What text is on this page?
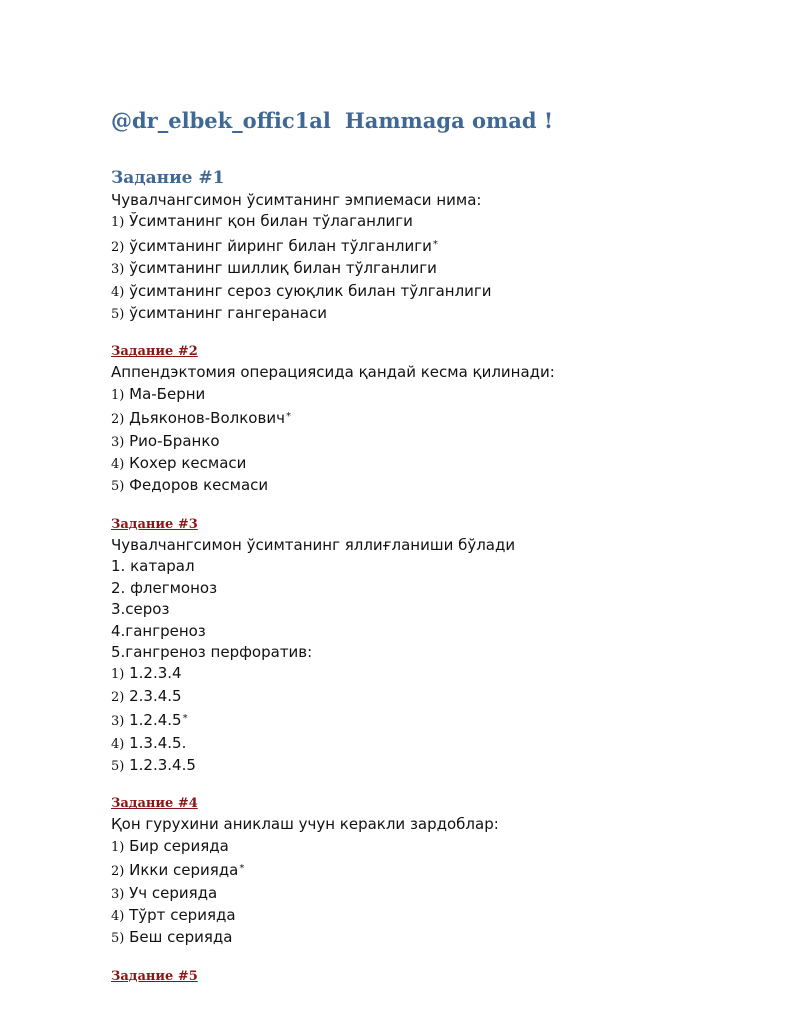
@dr_elbek_offic1al Hammaga omad !
Задание #1
Чувалчангсимон ўсимтанинг эмпиемаси нима:
1) Ўсимтанинг қон билан тўлаганлиги
2) ўсимтанинг йиринг билан тўлганлиги*
3) ўсимтанинг шиллиқ билан тўлганлиги
4) ўсимтанинг сероз суюқлик билан тўлганлиги
5) ўсимтанинг гангеранаси
Задание #2
Аппендэктомия операциясида қандай кесма қилинади:
1) Ма-Берни
2) Дьяконов-Волкович*
3) Рио-Бранко
4) Кохер кесмаси
5) Федоров кесмаси
Задание #3
Чувалчангсимон ўсимтанинг яллиғланиши бўлади
1. катарал
2. флегмоноз
3.сероз
4.гангреноз
5.гангреноз перфоратив:
1) 1.2.3.4
2) 2.3.4.5
3) 1.2.4.5*
4) 1.3.4.5.
5) 1.2.3.4.5
Задание #4
Қон гурухини аниклаш учун керакли зардоблар:
1) Бир серияда
2) Икки серияда*
3) Уч серияда
4) Тўрт серияда
5) Беш серияда
Задание #5
